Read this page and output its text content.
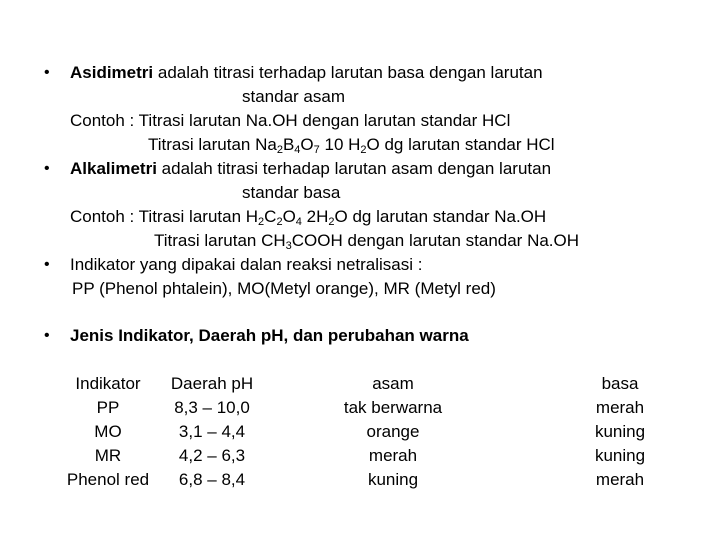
• Asidimetri adalah titrasi terhadap larutan basa dengan larutan
standar asam
Contoh : Titrasi larutan Na.OH dengan larutan standar HCl
Titrasi larutan $Na_2B_4O_7$ 10 $H_2O$ dg larutan standar HCl
• Alkalimetri adalah titrasi terhadap larutan asam dengan larutan
standar basa
Contoh : Titrasi larutan $H_2C_2O_4$ $2H_2O$ dg larutan standar Na.OH
Titrasi larutan $CH_3COOH$ dengan larutan standar Na.OH
• Indikator yang dipakai dalan reaksi netralisasi :
PP (Phenol phtalein), MO(Metyl orange), MR (Metyl red)
• Jenis Indikator, Daerah pH, dan perubahan warna
Indikator
PP
MO
MR
Phenol red
Daerah pH
8,3 – 10,0
3,1 – 4,4
4,2 – 6,3
6,8 – 8,4
asam
tak berwarna
orange
merah
kuning
basa
merah
kuning
kuning
merah
